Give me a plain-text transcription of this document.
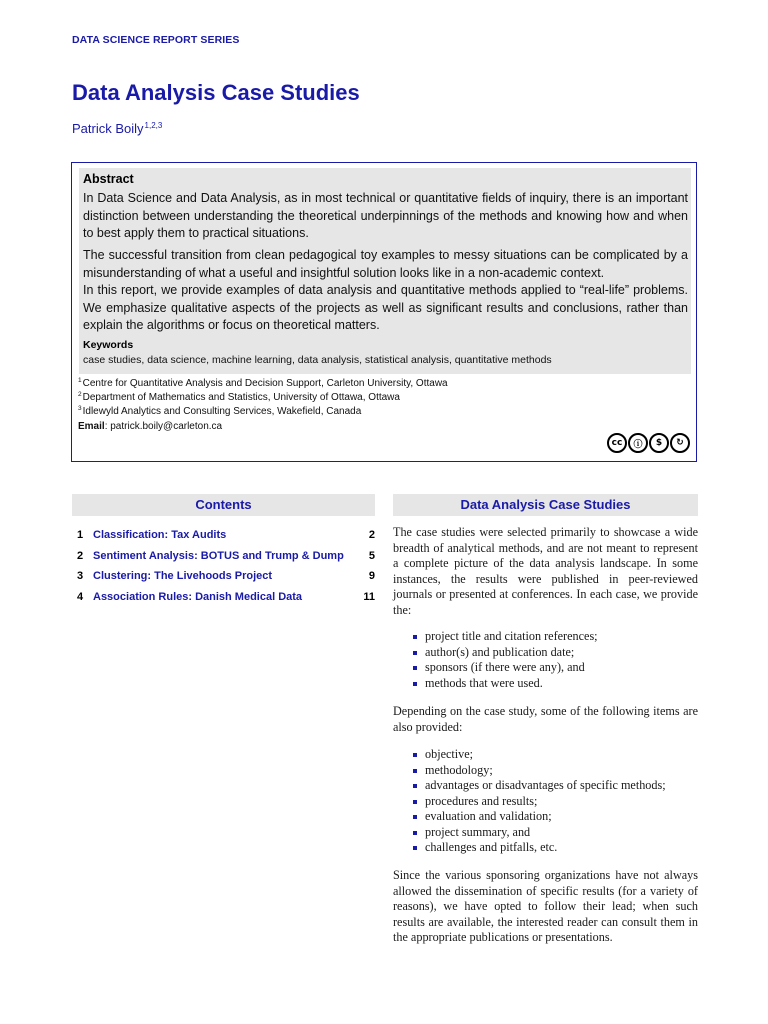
DATA SCIENCE REPORT SERIES
Data Analysis Case Studies
Patrick Boily$^{1,2,3}$
Abstract

In Data Science and Data Analysis, as in most technical or quantitative fields of inquiry, there is an important distinction between understanding the theoretical underpinnings of the methods and knowing how and when to best apply them to practical situations.

The successful transition from clean pedagogical toy examples to messy situations can be complicated by a misunderstanding of what a useful and insightful solution looks like in a non-academic context.

In this report, we provide examples of data analysis and quantitative methods applied to “real-life” problems. We emphasize qualitative aspects of the projects as well as significant results and conclusions, rather than explain the algorithms or focus on theoretical matters.

Keywords
case studies, data science, machine learning, data analysis, statistical analysis, quantitative methods
$^1$Centre for Quantitative Analysis and Decision Support, Carleton University, Ottawa
$^2$Department of Mathematics and Statistics, University of Ottawa, Ottawa
$^3$Idlewyld Analytics and Consulting Services, Wakefield, Canada
Email: patrick.boily@carleton.ca
cc	ⓘ	$	↻
Contents
1 Classification: Tax Audits	2
2 Sentiment Analysis: BOTUS and Trump & Dump 5
3 Clustering: The Livehoods Project	9
4 Association Rules: Danish Medical Data	11
Data Analysis Case Studies

The case studies were selected primarily to showcase a wide breadth of analytical methods, and are not meant to represent a complete picture of the data analysis landscape. In some instances, the results were published in peer-reviewed journals or presented at conferences. In each case, we provide the:

project title and citation references;
author(s) and publication date;
sponsors (if there were any), and
methods that were used.

Depending on the case study, some of the following items are also provided:

objective;
methodology;
advantages or disadvantages of specific methods;
procedures and results;
evaluation and validation;
project summary, and
challenges and pitfalls, etc.

Since the various sponsoring organizations have not always allowed the dissemination of specific results (for a variety of reasons), we have opted to follow their lead; when such results are available, the interested reader can consult them in the appropriate publications or presentations.
